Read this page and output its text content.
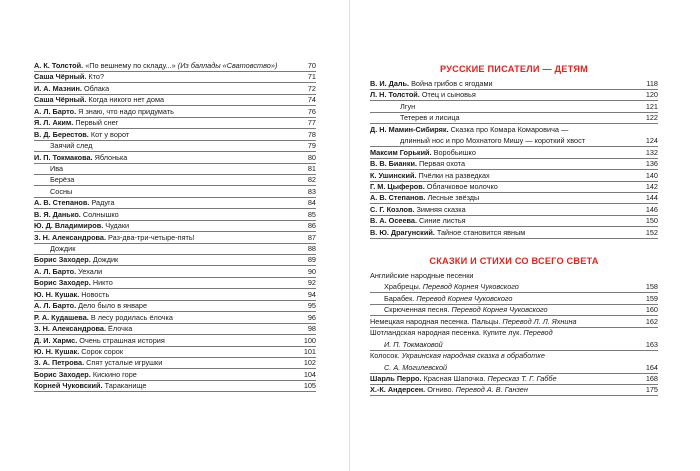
А. К. Толстой. «По вешнему по складу...» (Из баллады «Сватовство»)	70
Саша Чёрный. Кто?	71
И. А. Мазнин. Облака	72
Саша Чёрный. Когда никого нет дома	74
А. Л. Барто. Я знаю, что надо придумать	76
Я. Л. Аким. Первый снег	77
В. Д. Берестов. Кот у ворот	78
Заячий след	79
И. П. Токмакова. Яблонька	80
Ива	81
Берёза	82
Сосны	83
А. В. Степанов. Радуга	84
В. Я. Данько. Солнышко	85
Ю. Д. Владимиров. Чудаки	86
З. Н. Александрова. Раз-два-три-четыре-пять!	87
Дождик	88
Борис Заходер. Дождик	89
А. Л. Барто. Уехали	90
Борис Заходер. Никто	92
Ю. Н. Кушак. Новость	94
А. Л. Барто. Дело было в январе	95
Р. А. Кудашева. В лесу родилась ёлочка	96
З. Н. Александрова. Ёлочка	98
Д. И. Хармс. Очень страшная история	100
Ю. Н. Кушак. Сорок сорок	101
З. А. Петрова. Спят усталые игрушки	102
Борис Заходер. Кискино горе	104
Корней Чуковский. Тараканище	105
РУССКИЕ ПИСАТЕЛИ — ДЕТЯМ
В. И. Даль. Война грибов с ягодами	118
Л. Н. Толстой. Отец и сыновья	120
Лгун	121
Тетерев и лисица	122
Д. Н. Мамин-Сибиряк. Сказка про Комара Комаровича —
длинный нос и про Мохнатого Мишу — короткий хвост	124
Максим Горький. Воробьишко	132
В. В. Бианки. Первая охота	136
К. Ушинский. Пчёлки на разведках	140
Г. М. Цыферов. Облачковое молочко	142
А. В. Степанов. Лесные звёзды	144
С. Г. Козлов. Зимняя сказка	146
В. А. Осеева. Синие листья	150
В. Ю. Драгунский. Тайное становится явным	152
СКАЗКИ И СТИХИ СО ВСЕГО СВЕТА
Английские народные песенки
Храбрецы. Перевод Корнея Чуковского	158
Барабек. Перевод Корнея Чуковского	159
Скрюченная песня. Перевод Корнея Чуковского	160
Немецкая народная песенка. Пальцы. Перевод Л. Л. Яхнина	162
Шотландская народная песенка. Купите лук. Перевод
И. П. Токмаковой	163
Колосок. Украинская народная сказка в обработке
С. А. Могилевской	164
Шарль Перро. Красная Шапочка. Пересказ Т. Г. Габбе	168
Х.-К. Андерсен. Огниво. Перевод А. В. Ганзен	175
